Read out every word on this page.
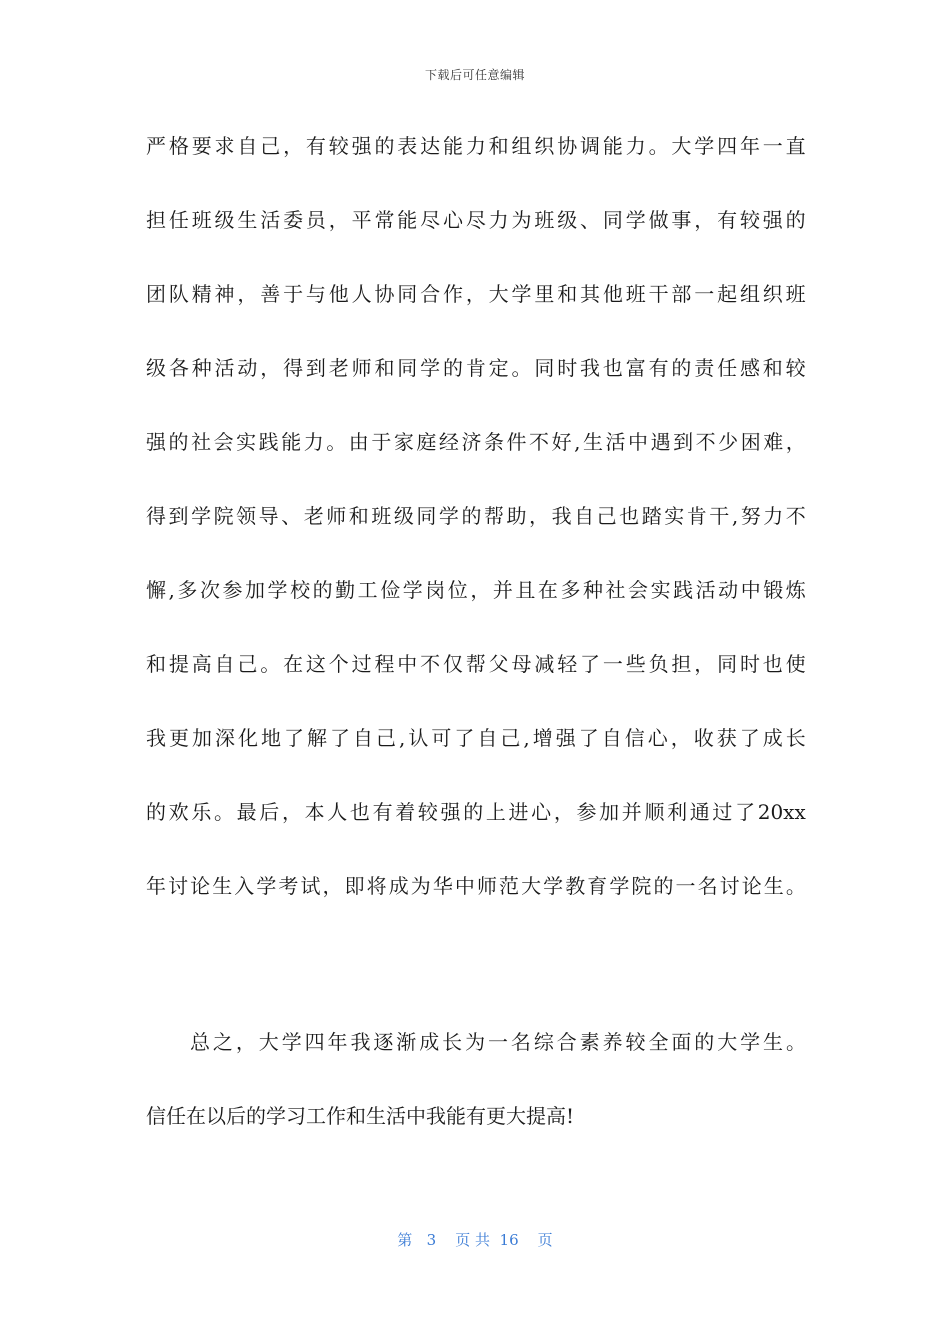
下载后可任意编辑
严 格 要 求 自 己 ， 有 较 强 的 表 达 能 力 和 组 织 协 调 能 力 。 大 学 四 年 一 直
担 任 班 级 生 活 委 员 ， 平 常 能 尽 心 尽 力 为 班 级 、 同 学 做 事 ， 有 较 强 的
团 队 精 神 ， 善 于 与 他 人 协 同 合 作 ， 大 学 里 和 其 他 班 干 部 一 起 组 织 班
级 各 种 活 动 ， 得 到 老 师 和 同 学 的 肯 定 。 同 时 我 也 富 有 的 责 任 感 和 较
强 的 社 会 实 践 能 力 。 由 于 家 庭 经 济 条 件 不 好 , 生 活 中 遇 到 不 少 困 难 ，
得 到 学 院 领 导 、 老 师 和 班 级 同 学 的 帮 助 ， 我 自 己 也 踏 实 肯 干 , 努 力 不
懈 , 多 次 参 加 学 校 的 勤 工 俭 学 岗 位 ， 并 且 在 多 种 社 会 实 践 活 动 中 锻 炼
和 提 高 自 己 。 在 这 个 过 程 中 不 仅 帮 父 母 减 轻 了 一 些 负 担 ， 同 时 也 使
我 更 加 深 化 地 了 解 了 自 己 , 认 可 了 自 己 , 增 强 了 自 信 心 ， 收 获 了 成 长
的 欢 乐 。 最 后 ， 本 人 也 有 着 较 强 的 上 进 心 ， 参 加 并 顺 利 通 过 了 20xx
年 讨 论 生 入 学 考 试 ， 即 将 成 为 华 中 师 范 大 学 教 育 学 院 的 一 名 讨 论 生 。
总 之 ， 大 学 四 年 我 逐 渐 成 长 为 一 名 综 合 素 养 较 全 面 的 大 学 生 。
信任在以后的学习工作和生活中我能有更大提高!
第   3    页 共  16    页
